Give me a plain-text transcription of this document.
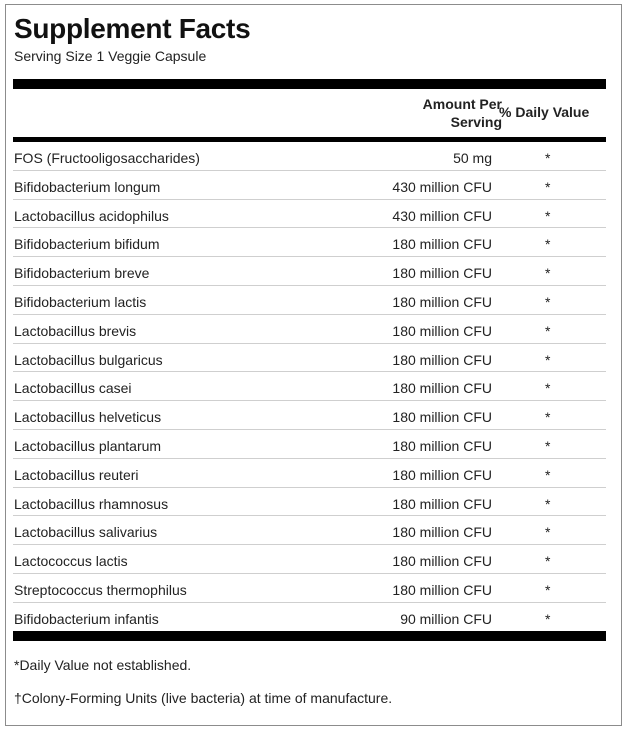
Supplement Facts
Serving Size 1 Veggie Capsule
Amount Per
Serving
% Daily Value
FOS (Fructooligosaccharides)	50 mg	*
Bifidobacterium longum	430 million CFU	*
Lactobacillus acidophilus	430 million CFU	*
Bifidobacterium bifidum	180 million CFU	*
Bifidobacterium breve	180 million CFU	*
Bifidobacterium lactis	180 million CFU	*
Lactobacillus brevis	180 million CFU	*
Lactobacillus bulgaricus	180 million CFU	*
Lactobacillus casei	180 million CFU	*
Lactobacillus helveticus	180 million CFU	*
Lactobacillus plantarum	180 million CFU	*
Lactobacillus reuteri	180 million CFU	*
Lactobacillus rhamnosus	180 million CFU	*
Lactobacillus salivarius	180 million CFU	*
Lactococcus lactis	180 million CFU	*
Streptococcus thermophilus	180 million CFU	*
Bifidobacterium infantis	90 million CFU	*
*Daily Value not established.
†Colony-Forming Units (live bacteria) at time of manufacture.
